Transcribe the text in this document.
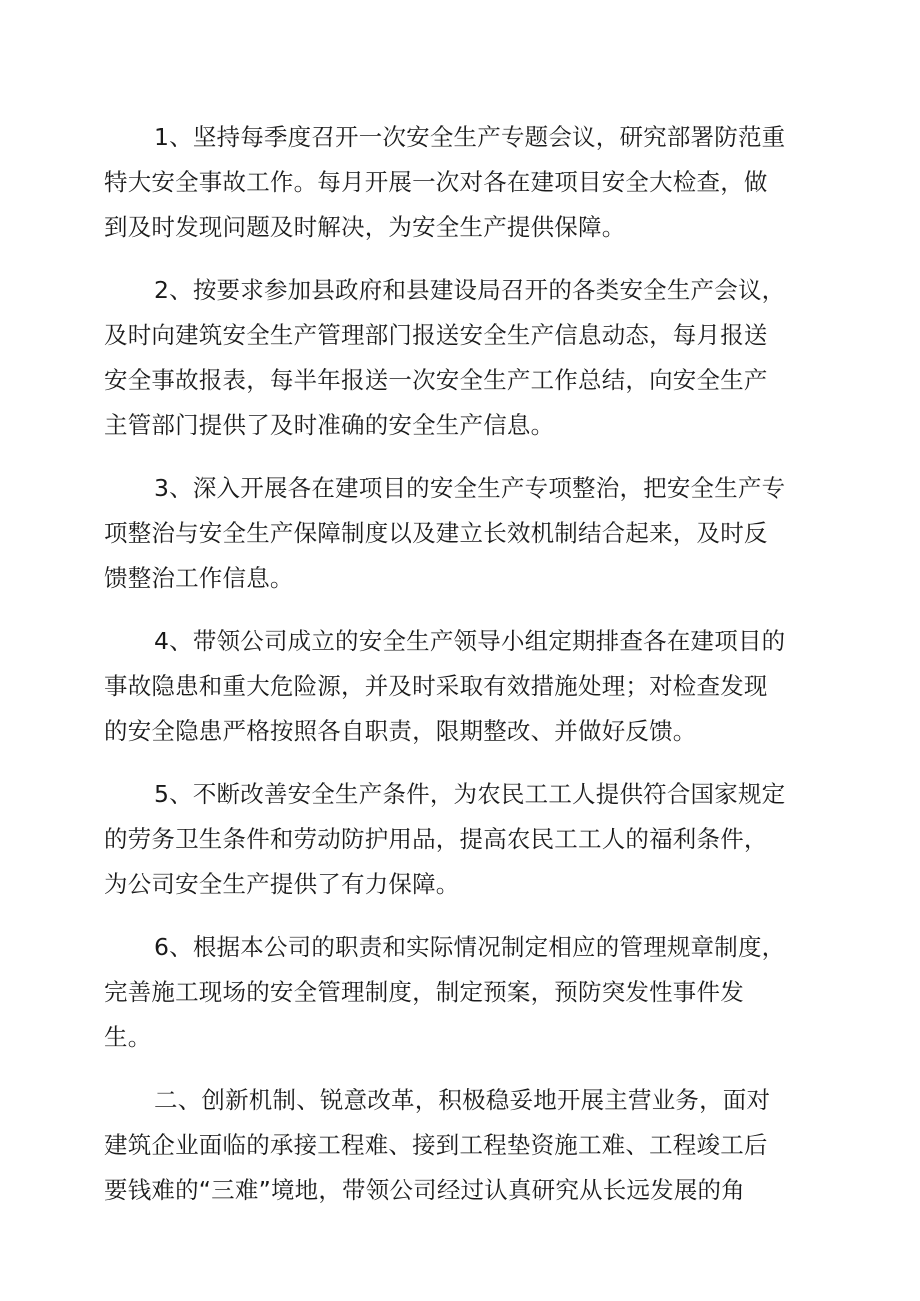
1、坚持每季度召开一次安全生产专题会议，研究部署防范重
特大安全事故工作。每月开展一次对各在建项目安全大检查，做
到及时发现问题及时解决，为安全生产提供保障。

2、按要求参加县政府和县建设局召开的各类安全生产会议，
及时向建筑安全生产管理部门报送安全生产信息动态，每月报送
安全事故报表，每半年报送一次安全生产工作总结，向安全生产
主管部门提供了及时准确的安全生产信息。

3、深入开展各在建项目的安全生产专项整治，把安全生产专
项整治与安全生产保障制度以及建立长效机制结合起来，及时反
馈整治工作信息。

4、带领公司成立的安全生产领导小组定期排查各在建项目的
事故隐患和重大危险源，并及时采取有效措施处理；对检查发现
的安全隐患严格按照各自职责，限期整改、并做好反馈。

5、不断改善安全生产条件，为农民工工人提供符合国家规定
的劳务卫生条件和劳动防护用品，提高农民工工人的福利条件，
为公司安全生产提供了有力保障。

6、根据本公司的职责和实际情况制定相应的管理规章制度，
完善施工现场的安全管理制度，制定预案，预防突发性事件发
生。

二、创新机制、锐意改革，积极稳妥地开展主营业务，面对
建筑企业面临的承接工程难、接到工程垫资施工难、工程竣工后
要钱难的“三难”境地，带领公司经过认真研究从长远发展的角
